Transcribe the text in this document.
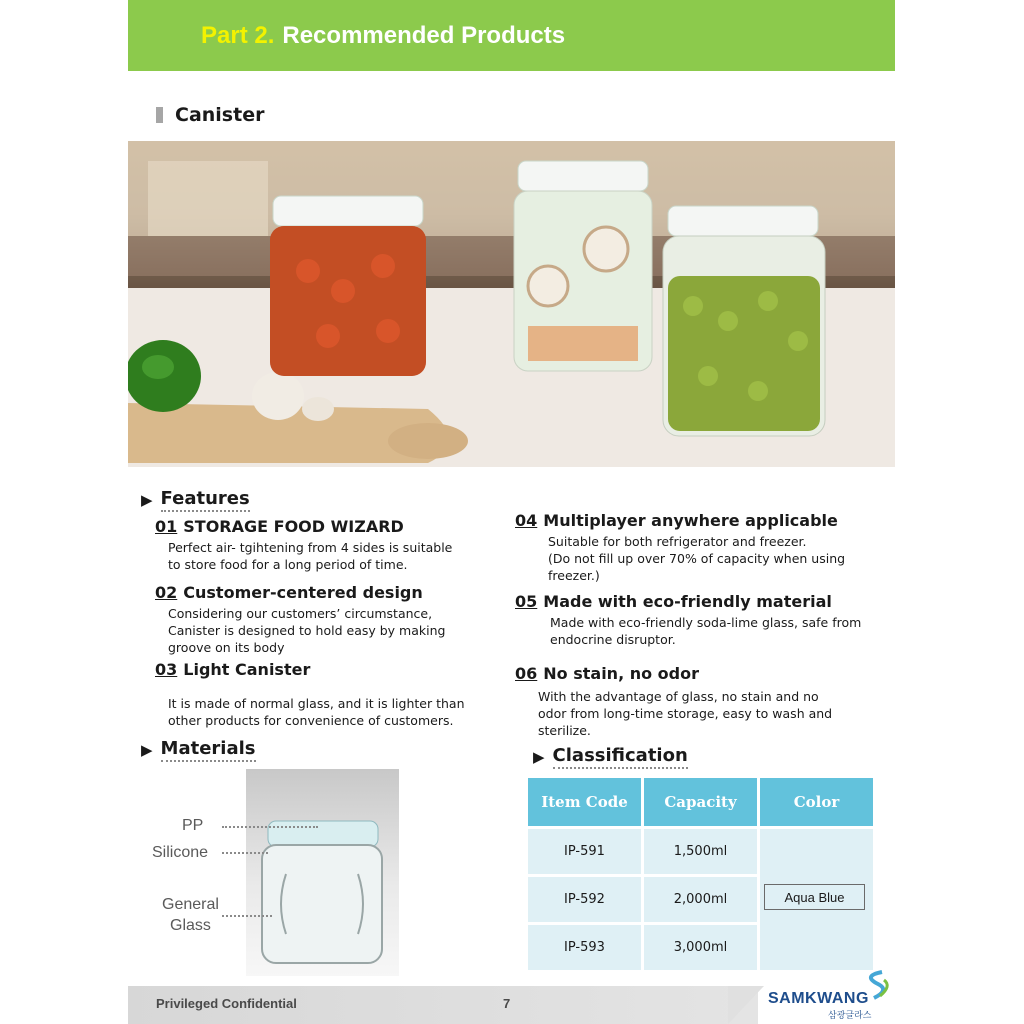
Part 2. Recommended Products
Canister
▶ Features
01 STORAGE FOOD WIZARD
Perfect air- tgihtening from 4 sides is suitable
to store food for a long period of time.
02 Customer-centered design
Considering our customers’ circumstance,
Canister is designed to hold easy by making
groove on its body
03 Light Canister
It is made of normal glass, and it is lighter than
other products for convenience of customers.
04 Multiplayer anywhere applicable
Suitable for both refrigerator and freezer.
(Do not fill up over 70% of capacity when using
freezer.)
05 Made with eco-friendly material
Made with eco-friendly soda-lime glass, safe from
endocrine disruptor.
06 No stain, no odor
With the advantage of glass, no stain and no
odor from long-time storage, easy to wash and
sterilize.
▶ Materials
PP
Silicone
General
Glass
▶ Classification
Item Code	Capacity	Color
IP-591	1,500ml
IP-592	2,000ml
IP-593	3,000ml
Aqua Blue
Privileged Confidential	7	SAMKWANG
삼광글라스
